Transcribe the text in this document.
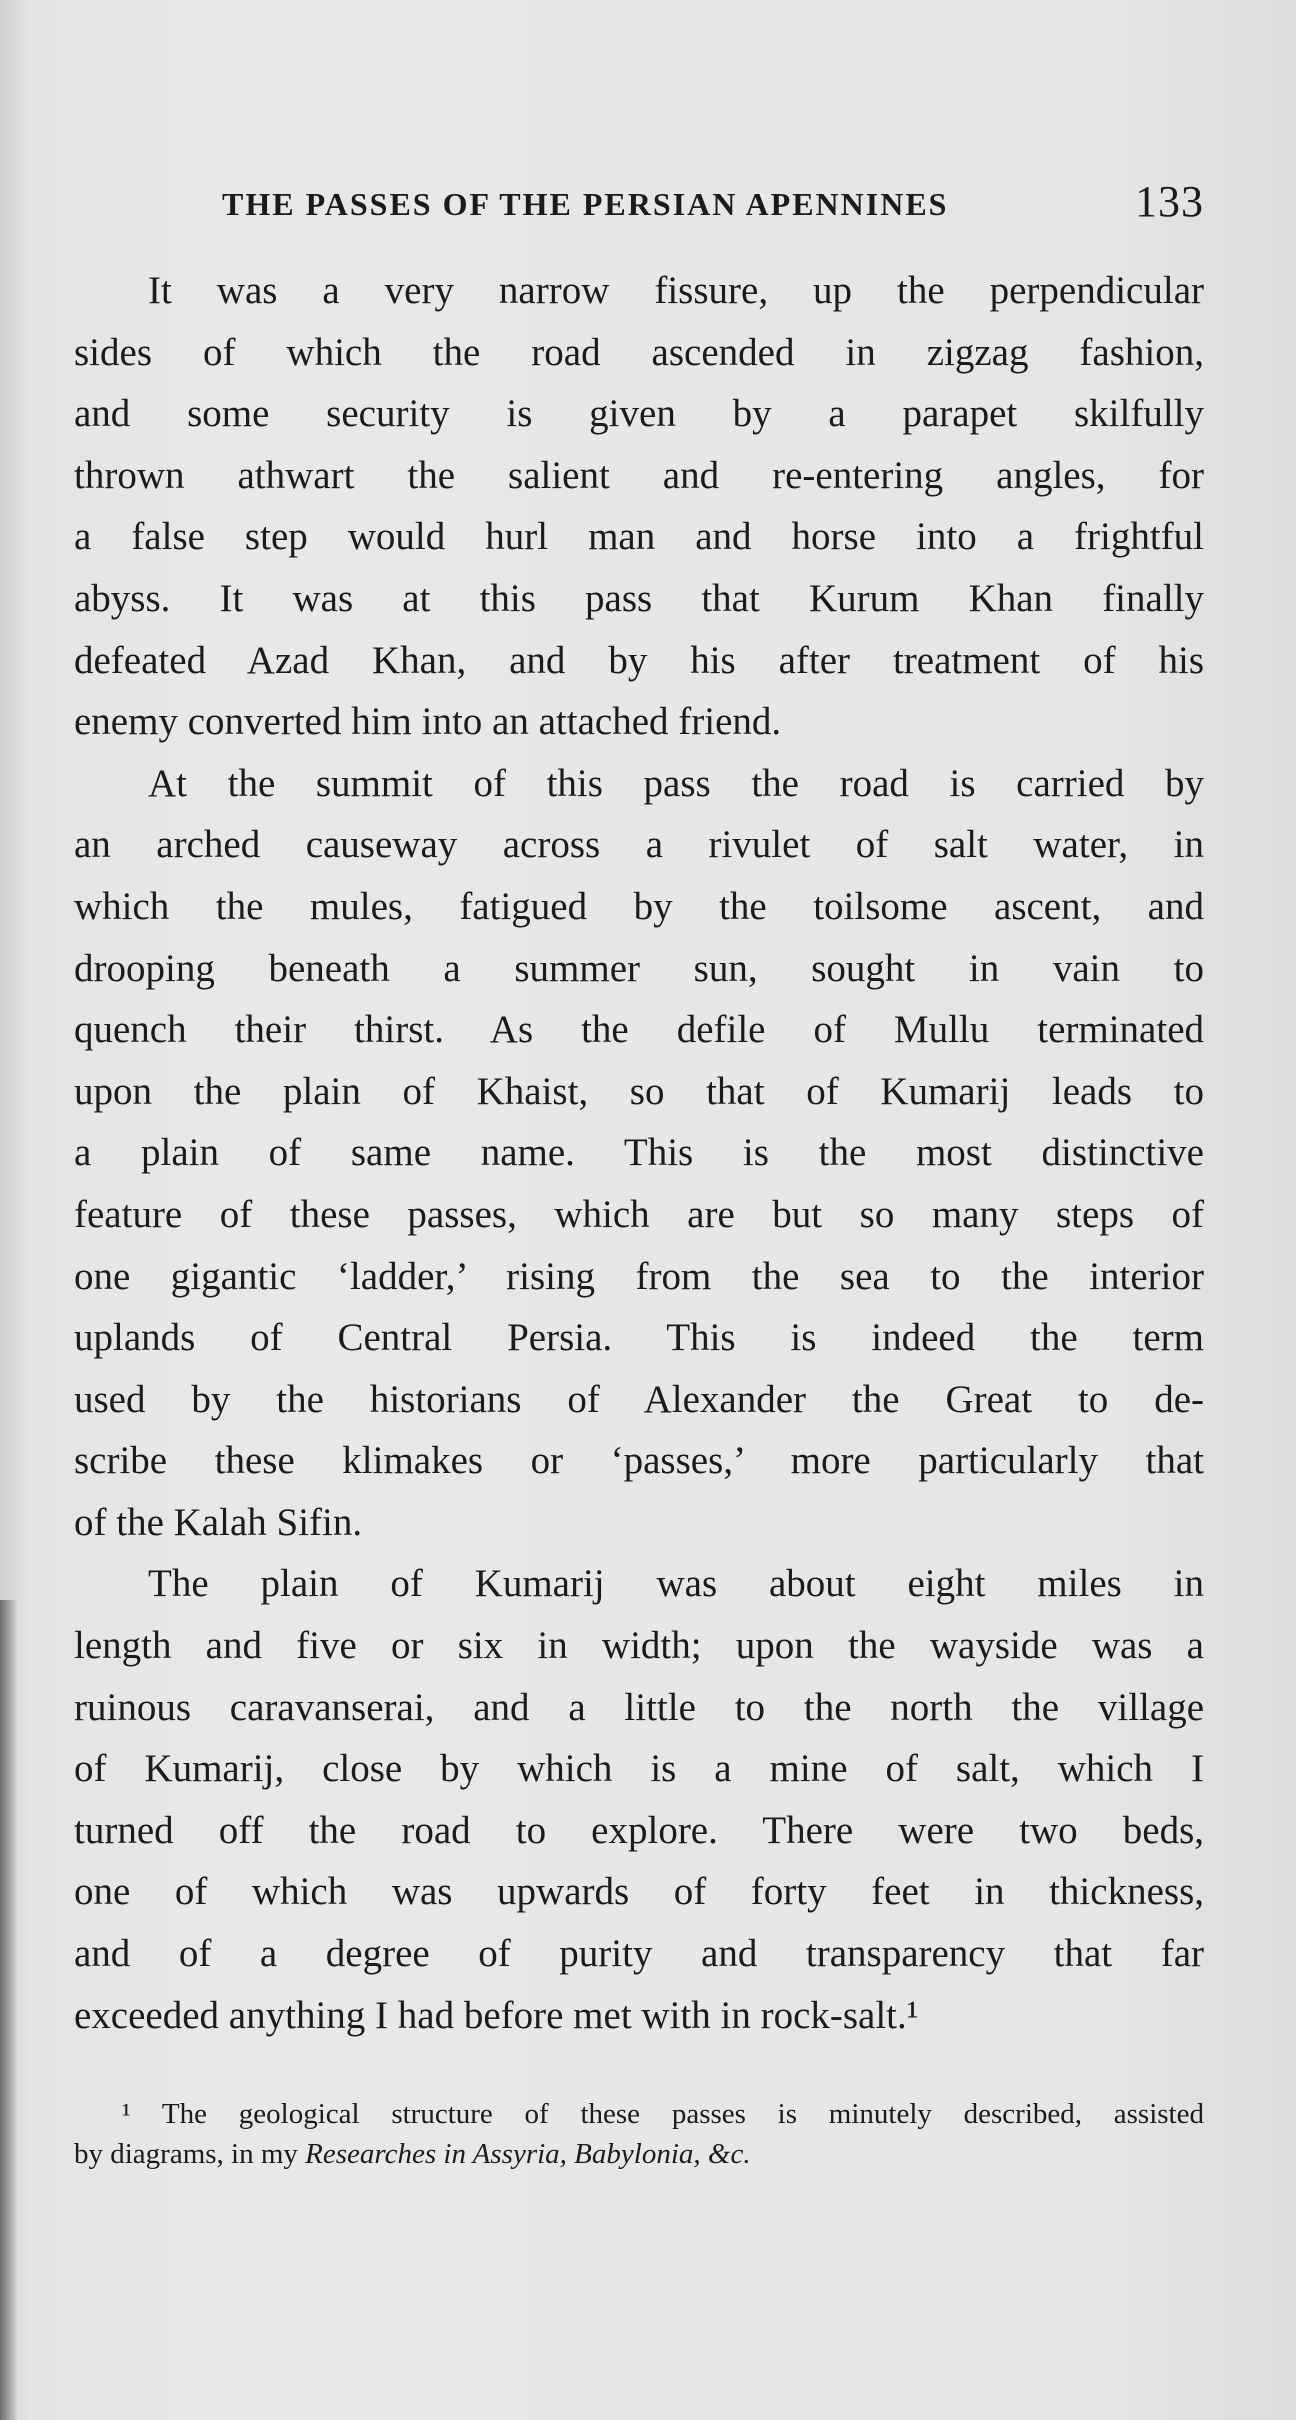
THE PASSES OF THE PERSIAN APENNINES	133
It was a very narrow fissure, up the perpendicular
sides of which the road ascended in zigzag fashion,
and some security is given by a parapet skilfully
thrown athwart the salient and re-entering angles, for
a false step would hurl man and horse into a frightful
abyss. It was at this pass that Kurum Khan finally
defeated Azad Khan, and by his after treatment of his
enemy converted him into an attached friend.
At the summit of this pass the road is carried by
an arched causeway across a rivulet of salt water, in
which the mules, fatigued by the toilsome ascent, and
drooping beneath a summer sun, sought in vain to
quench their thirst. As the defile of Mullu terminated
upon the plain of Khaist, so that of Kumarij leads to
a plain of same name. This is the most distinctive
feature of these passes, which are but so many steps of
one gigantic ‘ladder,’ rising from the sea to the interior
uplands of Central Persia. This is indeed the term
used by the historians of Alexander the Great to de-
scribe these klimakes or ‘passes,’ more particularly that
of the Kalah Sifin.
The plain of Kumarij was about eight miles in
length and five or six in width; upon the wayside was a
ruinous caravanserai, and a little to the north the village
of Kumarij, close by which is a mine of salt, which I
turned off the road to explore. There were two beds,
one of which was upwards of forty feet in thickness,
and of a degree of purity and transparency that far
exceeded anything I had before met with in rock-salt.¹
¹ The geological structure of these passes is minutely described, assisted
by diagrams, in my Researches in Assyria, Babylonia, &c.
